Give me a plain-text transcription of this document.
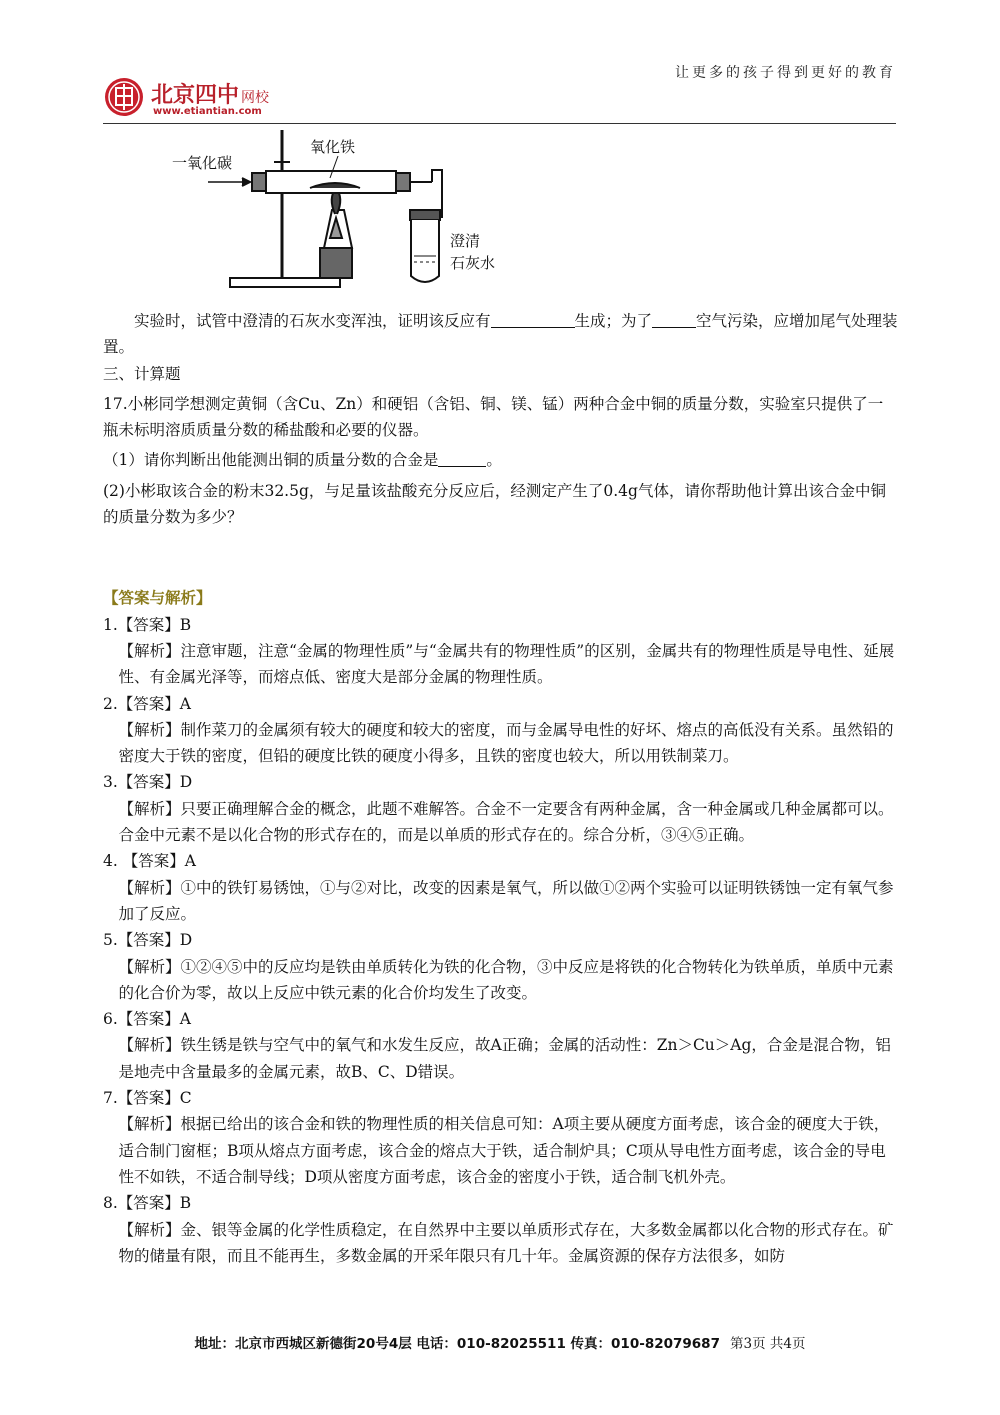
让更多的孩子得到更好的教育
北京四中 网校
www.etiantian.com
一氧化碳
氧化铁
澄清
石灰水

实验时，试管中澄清的石灰水变浑浊，证明该反应有	生成；为了	空气污染，应增加尾气处理装置。

三、计算题

17.小彬同学想测定黄铜（含Cu、Zn）和硬铝（含铝、铜、镁、锰）两种合金中铜的质量分数，实验室只提供了一瓶未标明溶质质量分数的稀盐酸和必要的仪器。

（1）请你判断出他能测出铜的质量分数的合金是	。

(2)小彬取该合金的粉末32.5g，与足量该盐酸充分反应后，经测定产生了0.4g气体，请你帮助他计算出该合金中铜的质量分数为多少？

【答案与解析】

1.【答案】B

【解析】注意审题，注意“金属的物理性质”与“金属共有的物理性质”的区别，金属共有的物理性质是导电性、延展性、有金属光泽等，而熔点低、密度大是部分金属的物理性质。

2.【答案】A

【解析】制作菜刀的金属须有较大的硬度和较大的密度，而与金属导电性的好坏、熔点的高低没有关系。虽然铅的密度大于铁的密度，但铅的硬度比铁的硬度小得多，且铁的密度也较大，所以用铁制菜刀。

3.【答案】D

【解析】只要正确理解合金的概念，此题不难解答。合金不一定要含有两种金属，含一种金属或几种金属都可以。合金中元素不是以化合物的形式存在的，而是以单质的形式存在的。综合分析，③④⑤正确。

4. 【答案】A

【解析】①中的铁钉易锈蚀，①与②对比，改变的因素是氧气，所以做①②两个实验可以证明铁锈蚀一定有氧气参加了反应。

5.【答案】D

【解析】①②④⑤中的反应均是铁由单质转化为铁的化合物，③中反应是将铁的化合物转化为铁单质，单质中元素的化合价为零，故以上反应中铁元素的化合价均发生了改变。

6.【答案】A

【解析】铁生锈是铁与空气中的氧气和水发生反应，故A正确；金属的活动性：Zn＞Cu＞Ag，合金是混合物，铝是地壳中含量最多的金属元素，故B、C、D错误。

7.【答案】C

【解析】根据已给出的该合金和铁的物理性质的相关信息可知：A项主要从硬度方面考虑，该合金的硬度大于铁，适合制门窗框；B项从熔点方面考虑，该合金的熔点大于铁，适合制炉具；C项从导电性方面考虑，该合金的导电性不如铁，不适合制导线；D项从密度方面考虑，该合金的密度小于铁，适合制飞机外壳。

8.【答案】B

【解析】金、银等金属的化学性质稳定，在自然界中主要以单质形式存在，大多数金属都以化合物的形式存在。矿物的储量有限，而且不能再生，多数金属的开采年限只有几十年。金属资源的保存方法很多，如防

地址：北京市西城区新德街20号4层 电话：010-82025511 传真：010-82079687 第3页 共4页
